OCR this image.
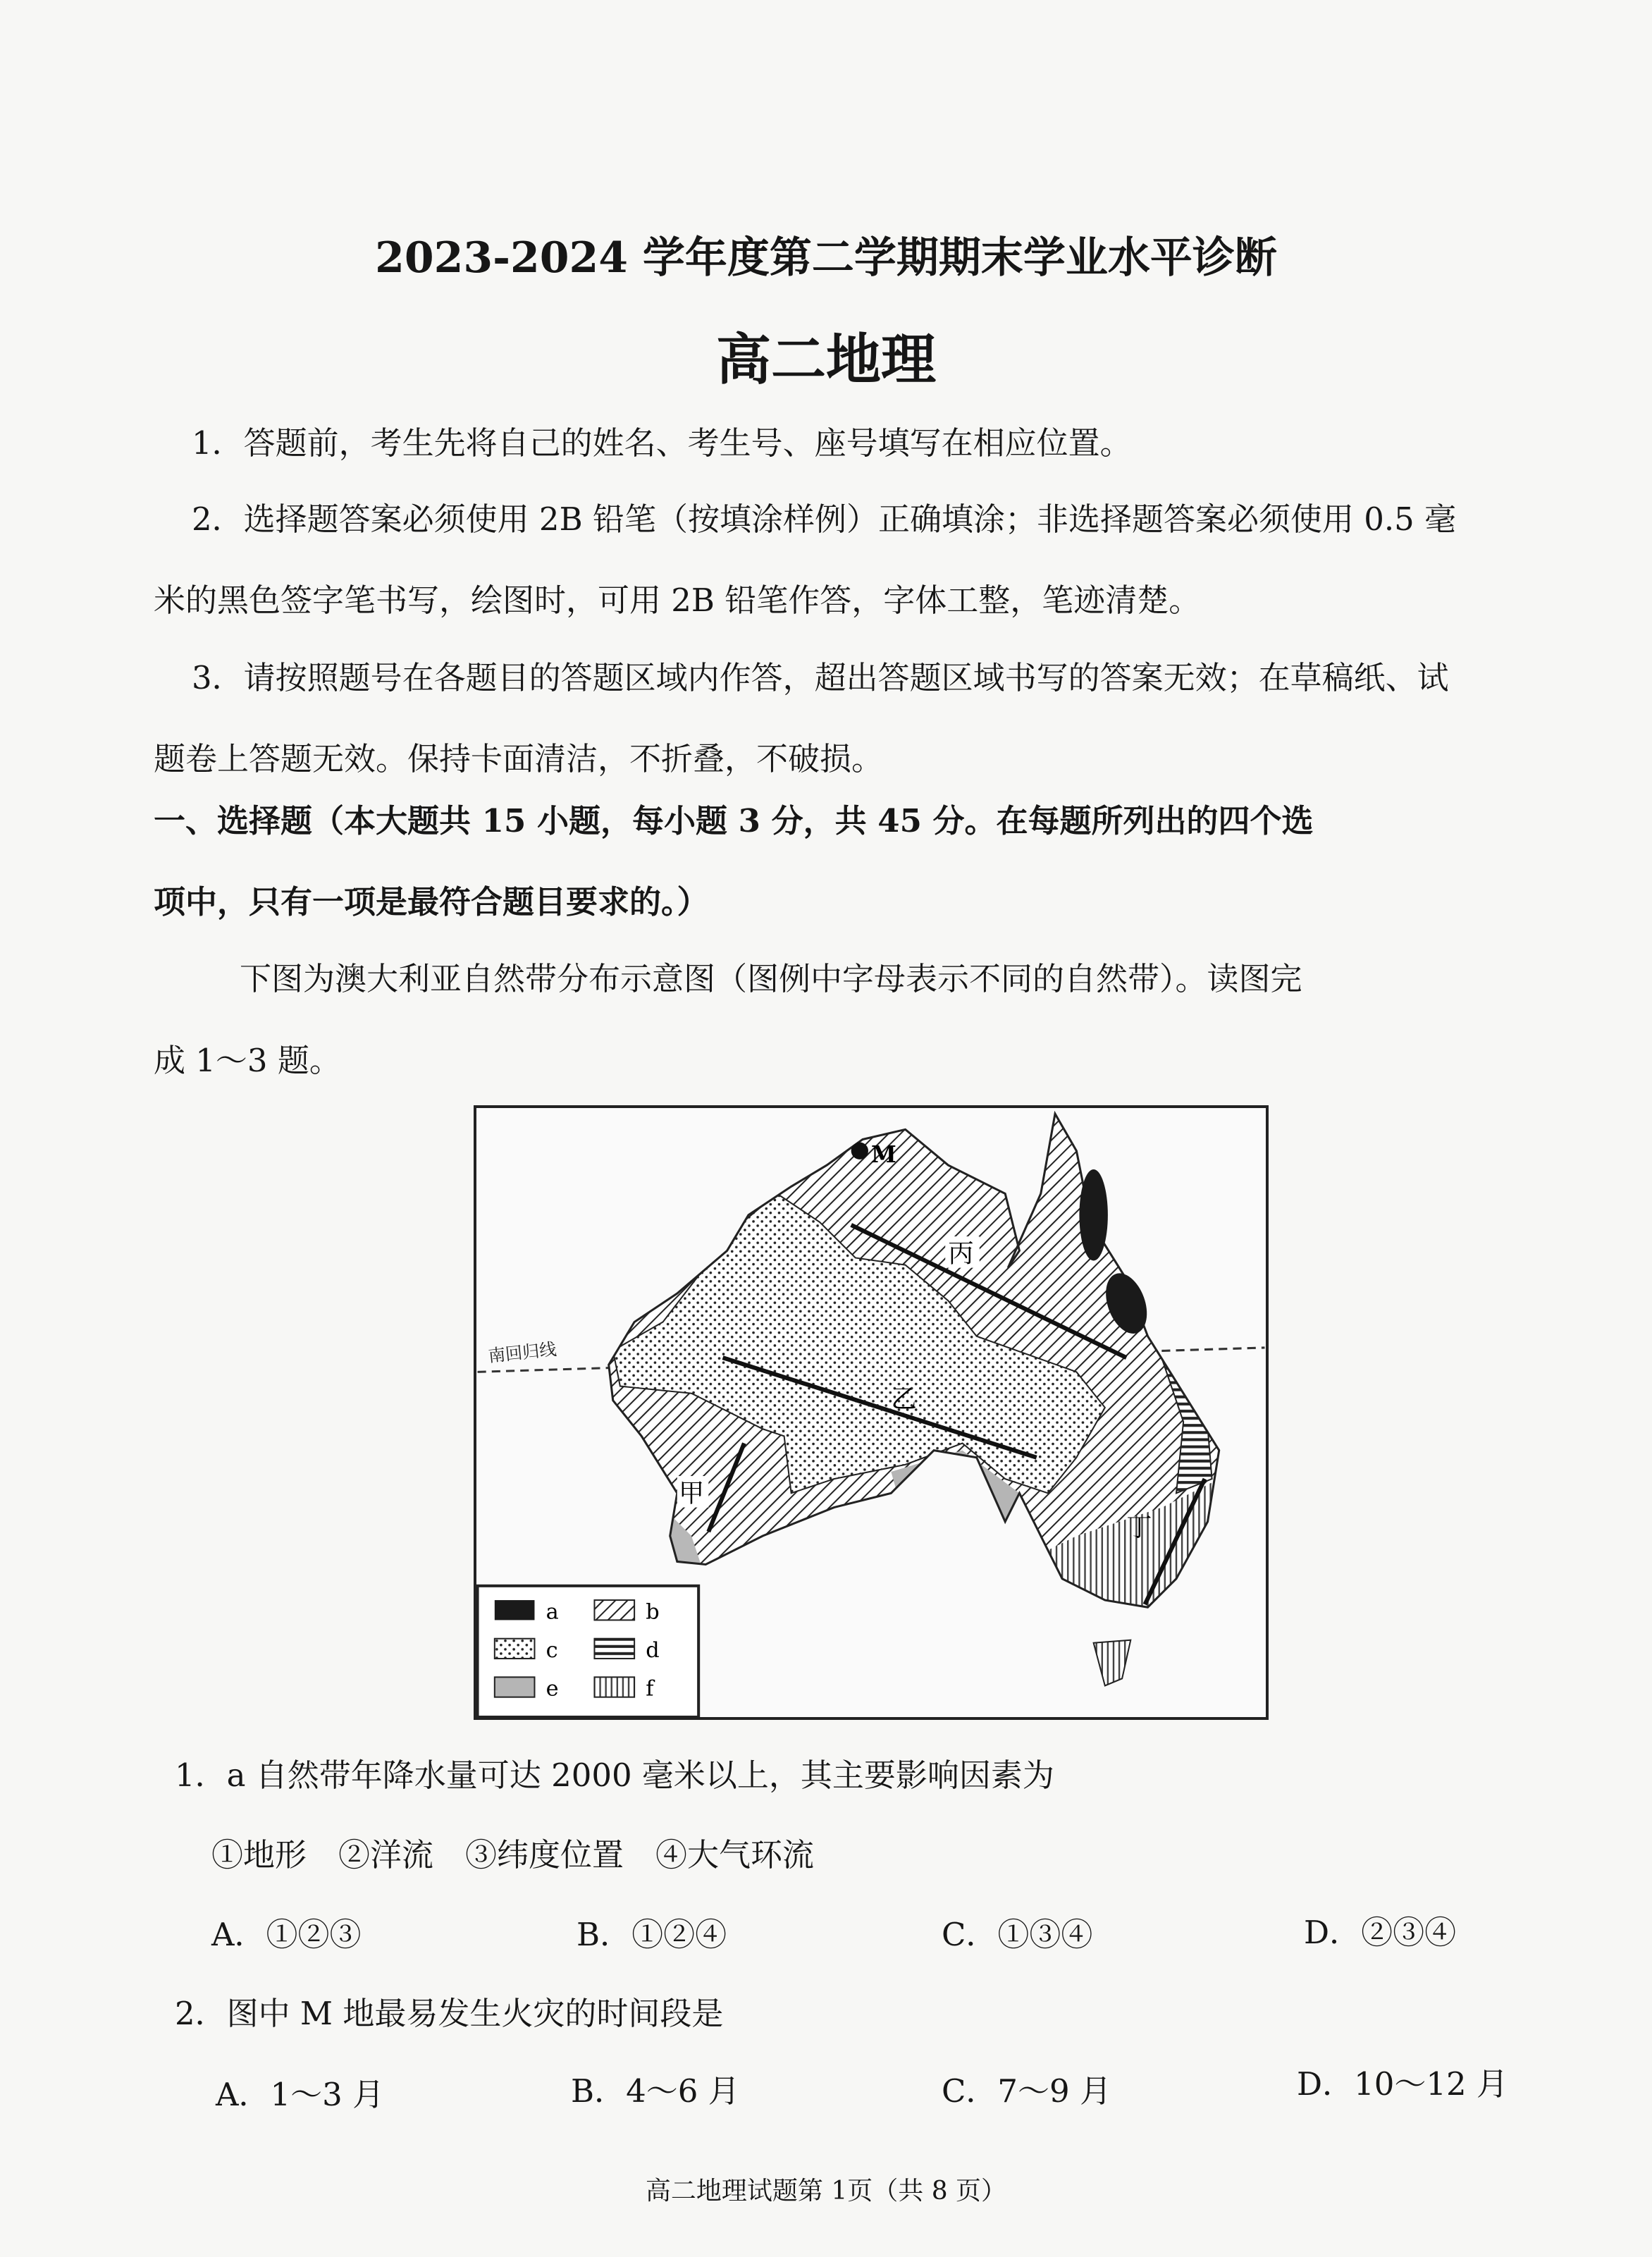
2023-2024 学年度第二学期期末学业水平诊断
高二地理
1．答题前，考生先将自己的姓名、考生号、座号填写在相应位置。
2．选择题答案必须使用 2B 铅笔（按填涂样例）正确填涂；非选择题答案必须使用 0.5 毫
米的黑色签字笔书写，绘图时，可用 2B 铅笔作答，字体工整，笔迹清楚。
3．请按照题号在各题目的答题区域内作答，超出答题区域书写的答案无效；在草稿纸、试
题卷上答题无效。保持卡面清洁，不折叠，不破损。
一、选择题（本大题共 15 小题，每小题 3 分，共 45 分。在每题所列出的四个选
项中，只有一项是最符合题目要求的。）
下图为澳大利亚自然带分布示意图（图例中字母表示不同的自然带）。读图完
成 1～3 题。
南回归线
M
丙
乙
甲
丁
a	b
c	d
e	f
1．a 自然带年降水量可达 2000 毫米以上，其主要影响因素为
①地形　②洋流　③纬度位置　④大气环流
A．①②③	B．①②④	C．①③④	D．②③④
2．图中 M 地最易发生火灾的时间段是
A．1～3 月	B．4～6 月	C．7～9 月	D．10～12 月
高二地理试题第 1页（共 8 页）
